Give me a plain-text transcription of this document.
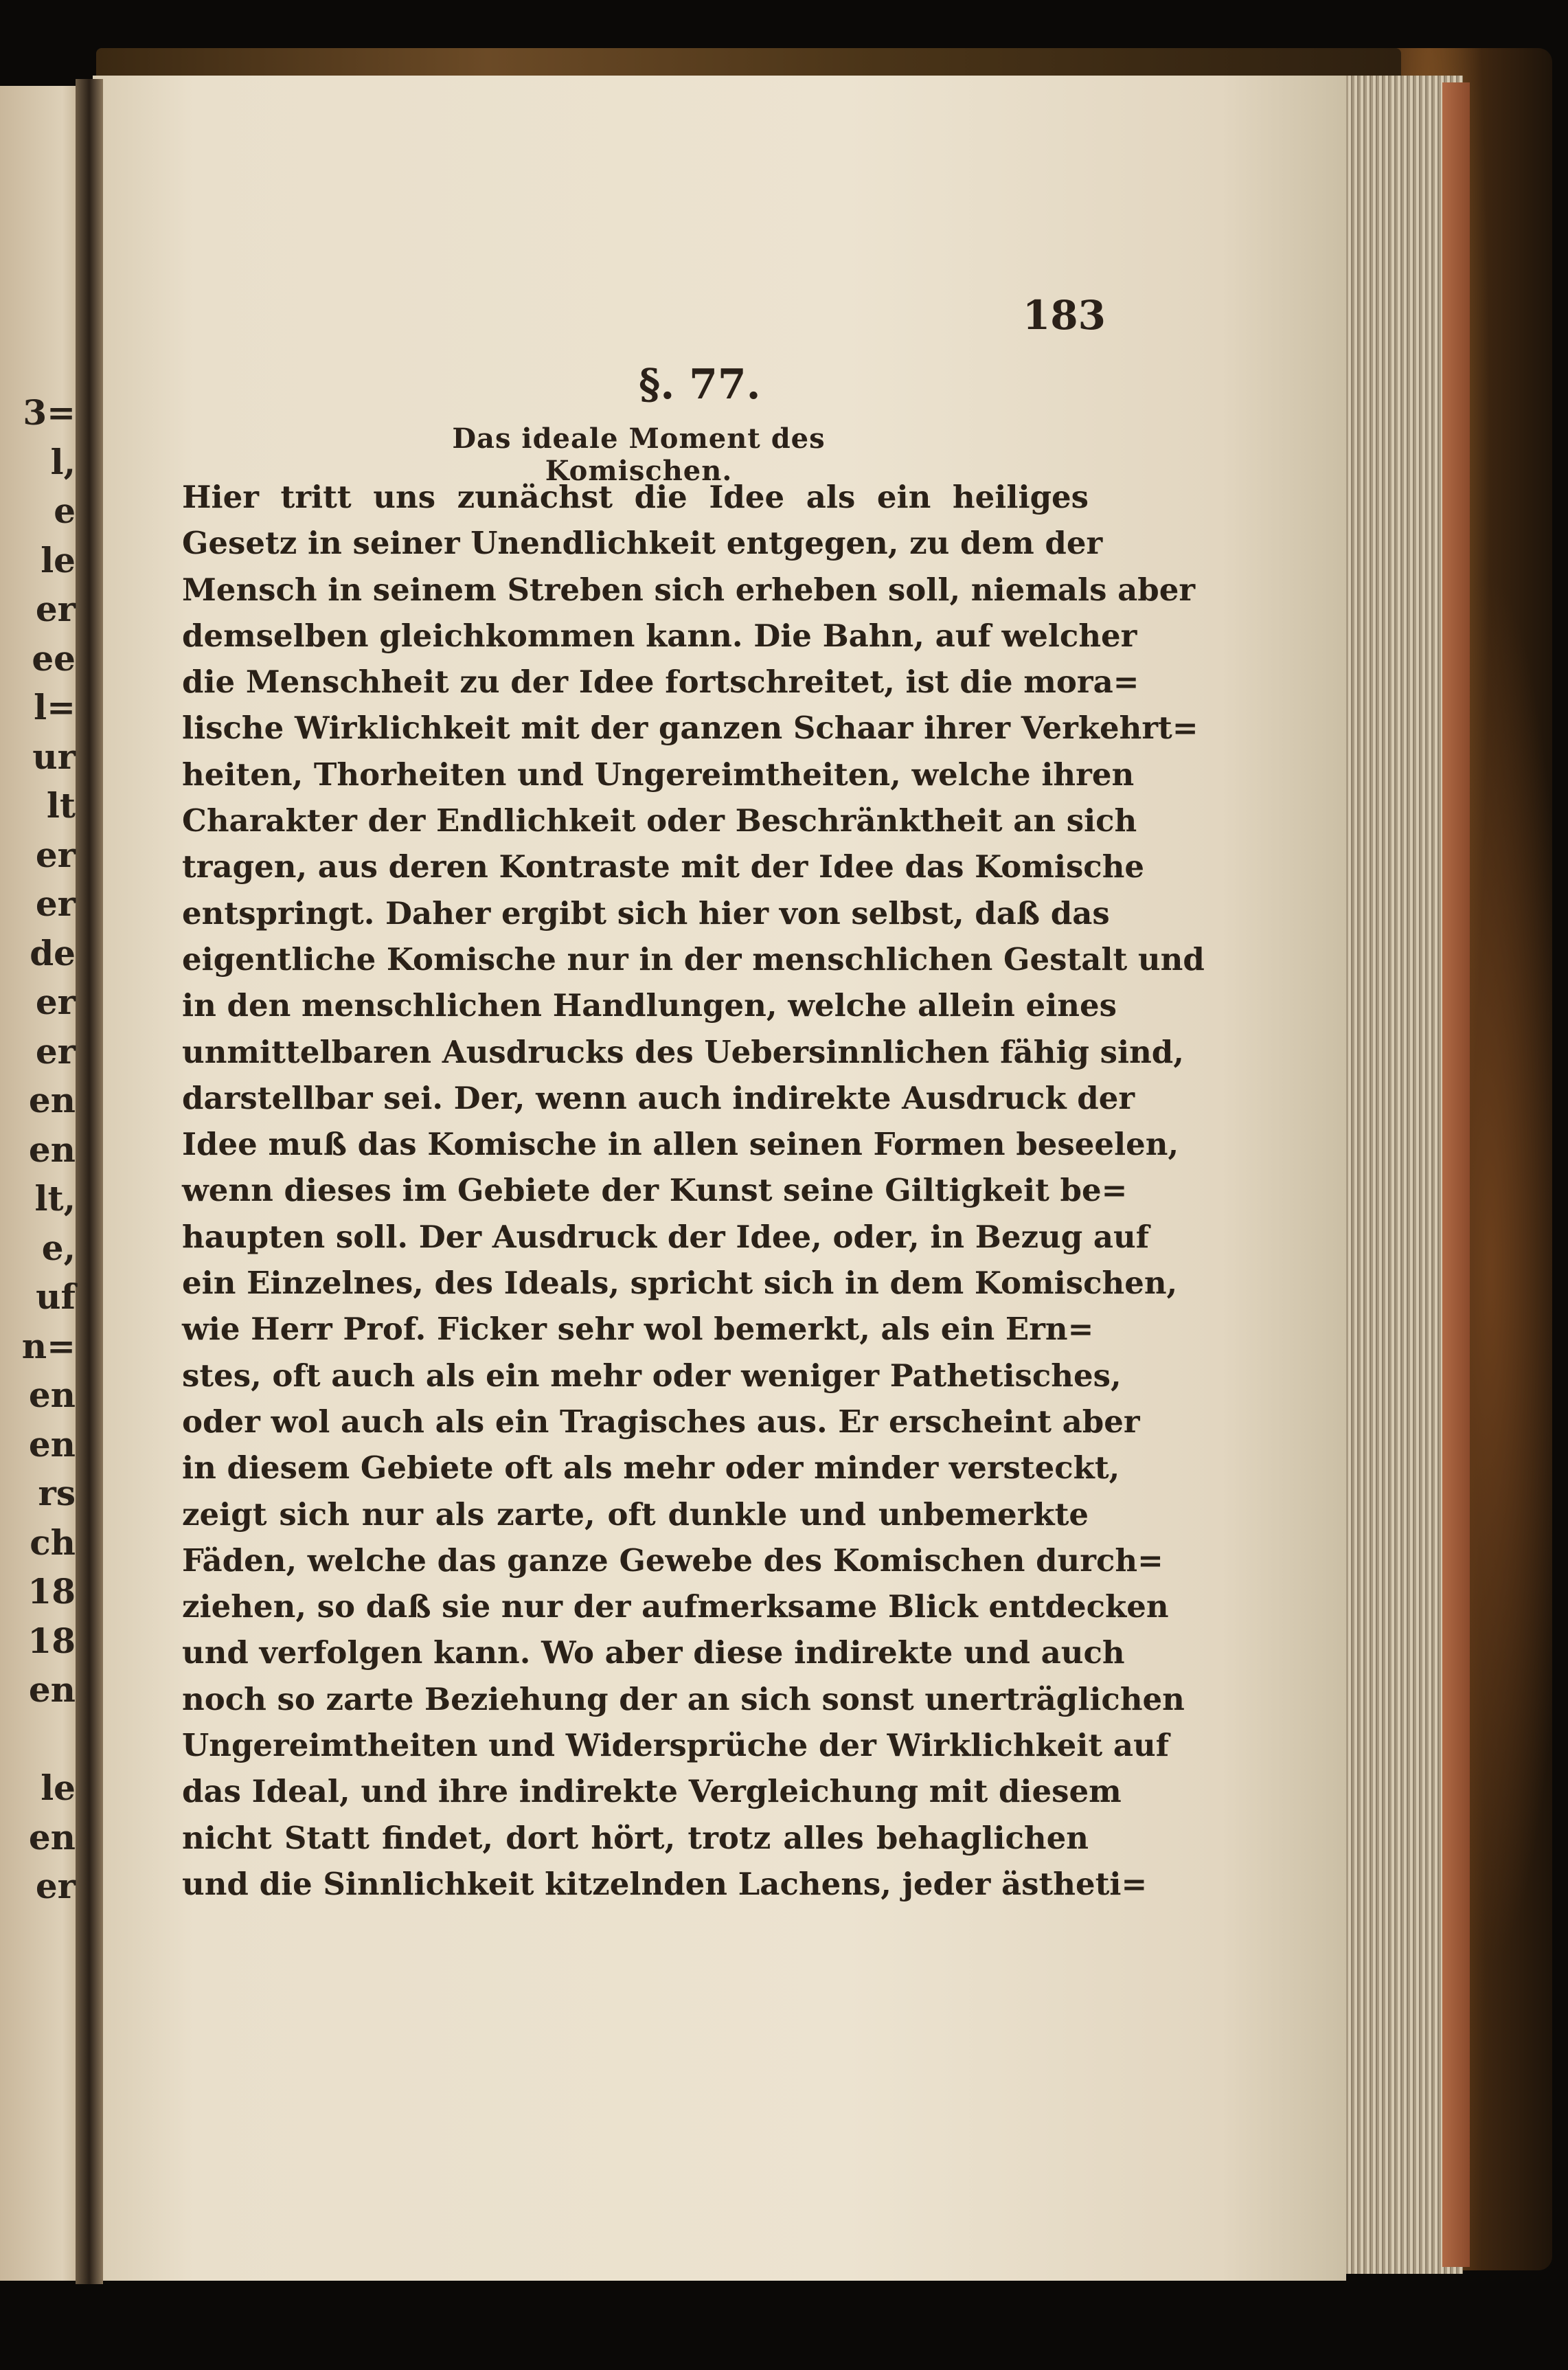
3=
l,
e
le
er
ee
l=
ur
lt
er
er
de
er
er
en
en
lt,
e,
uf
n=
en
en
rs
ch
18
18
en
le
en
er
183
§. 77.
Das ideale Moment des Komischen.
Hier tritt uns zunächst die Idee als ein heiliges
Gesetz in seiner Unendlichkeit entgegen, zu dem der
Mensch in seinem Streben sich erheben soll, niemals aber
demselben gleichkommen kann. Die Bahn, auf welcher
die Menschheit zu der Idee fortschreitet, ist die mora=
lische Wirklichkeit mit der ganzen Schaar ihrer Verkehrt=
heiten, Thorheiten und Ungereimtheiten, welche ihren
Charakter der Endlichkeit oder Beschränktheit an sich
tragen, aus deren Kontraste mit der Idee das Komische
entspringt. Daher ergibt sich hier von selbst, daß das
eigentliche Komische nur in der menschlichen Gestalt und
in den menschlichen Handlungen, welche allein eines
unmittelbaren Ausdrucks des Uebersinnlichen fähig sind,
darstellbar sei. Der, wenn auch indirekte Ausdruck der
Idee muß das Komische in allen seinen Formen beseelen,
wenn dieses im Gebiete der Kunst seine Giltigkeit be=
haupten soll. Der Ausdruck der Idee, oder, in Bezug auf
ein Einzelnes, des Ideals, spricht sich in dem Komischen,
wie Herr Prof. Ficker sehr wol bemerkt, als ein Ern=
stes, oft auch als ein mehr oder weniger Pathetisches,
oder wol auch als ein Tragisches aus. Er erscheint aber
in diesem Gebiete oft als mehr oder minder versteckt,
zeigt sich nur als zarte, oft dunkle und unbemerkte
Fäden, welche das ganze Gewebe des Komischen durch=
ziehen, so daß sie nur der aufmerksame Blick entdecken
und verfolgen kann. Wo aber diese indirekte und auch
noch so zarte Beziehung der an sich sonst unerträglichen
Ungereimtheiten und Widersprüche der Wirklichkeit auf
das Ideal, und ihre indirekte Vergleichung mit diesem
nicht Statt findet, dort hört, trotz alles behaglichen
und die Sinnlichkeit kitzelnden Lachens, jeder ästheti=
